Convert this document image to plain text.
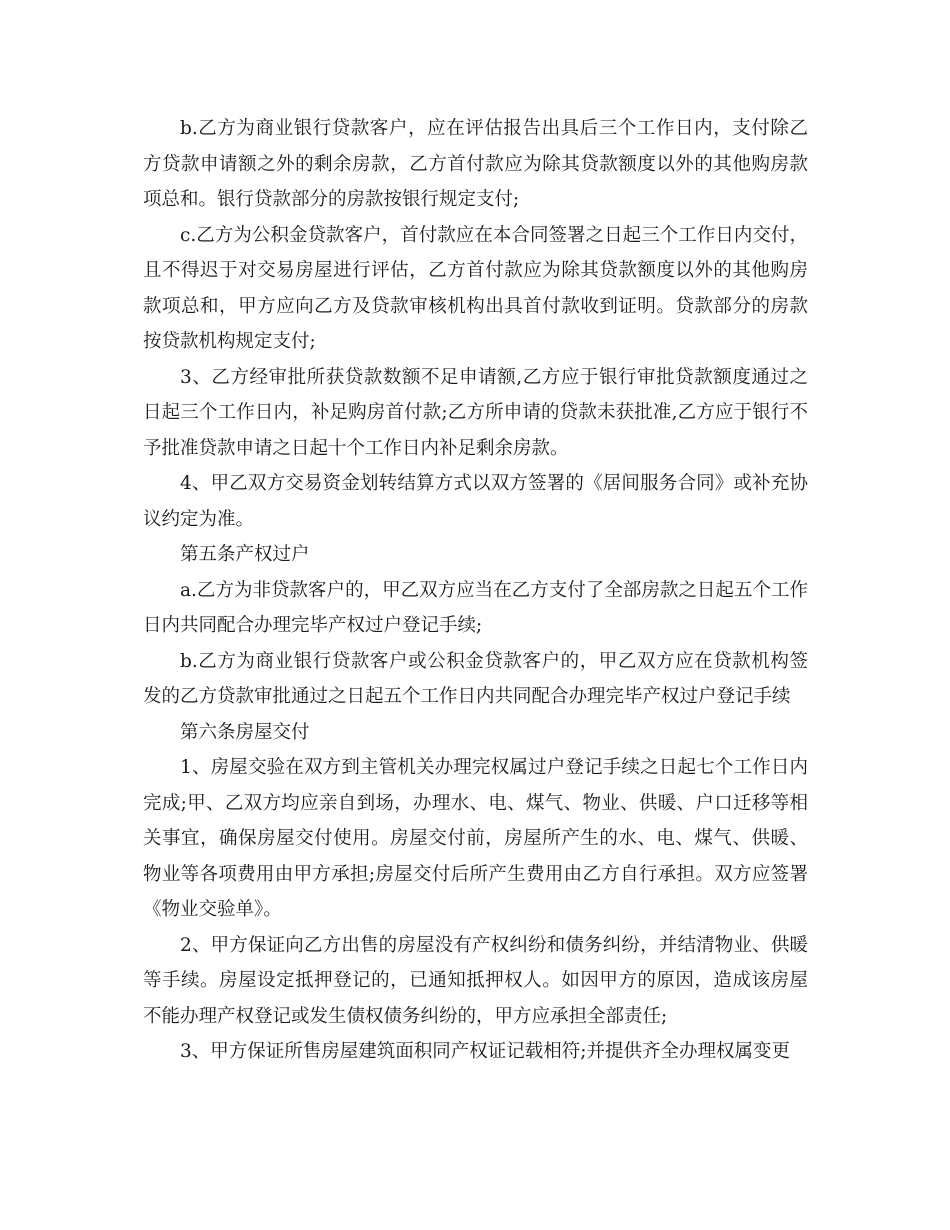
b.乙方为商业银行贷款客户，应在评估报告出具后三个工作日内，支付除乙方贷款申请额之外的剩余房款，乙方首付款应为除其贷款额度以外的其他购房款项总和。银行贷款部分的房款按银行规定支付;

c.乙方为公积金贷款客户，首付款应在本合同签署之日起三个工作日内交付，且不得迟于对交易房屋进行评估，乙方首付款应为除其贷款额度以外的其他购房款项总和，甲方应向乙方及贷款审核机构出具首付款收到证明。贷款部分的房款按贷款机构规定支付;

3、乙方经审批所获贷款数额不足申请额,乙方应于银行审批贷款额度通过之日起三个工作日内，补足购房首付款;乙方所申请的贷款未获批准,乙方应于银行不予批准贷款申请之日起十个工作日内补足剩余房款。

4、甲乙双方交易资金划转结算方式以双方签署的《居间服务合同》或补充协议约定为准。

第五条产权过户

a.乙方为非贷款客户的，甲乙双方应当在乙方支付了全部房款之日起五个工作日内共同配合办理完毕产权过户登记手续;

b.乙方为商业银行贷款客户或公积金贷款客户的，甲乙双方应在贷款机构签发的乙方贷款审批通过之日起五个工作日内共同配合办理完毕产权过户登记手续

第六条房屋交付

1、房屋交验在双方到主管机关办理完权属过户登记手续之日起七个工作日内完成;甲、乙双方均应亲自到场，办理水、电、煤气、物业、供暖、户口迁移等相关事宜，确保房屋交付使用。房屋交付前，房屋所产生的水、电、煤气、供暖、物业等各项费用由甲方承担;房屋交付后所产生费用由乙方自行承担。双方应签署《物业交验单》。

2、甲方保证向乙方出售的房屋没有产权纠纷和债务纠纷，并结清物业、供暖等手续。房屋设定抵押登记的，已通知抵押权人。如因甲方的原因，造成该房屋不能办理产权登记或发生债权债务纠纷的，甲方应承担全部责任;

3、甲方保证所售房屋建筑面积同产权证记载相符;并提供齐全办理权属变更
